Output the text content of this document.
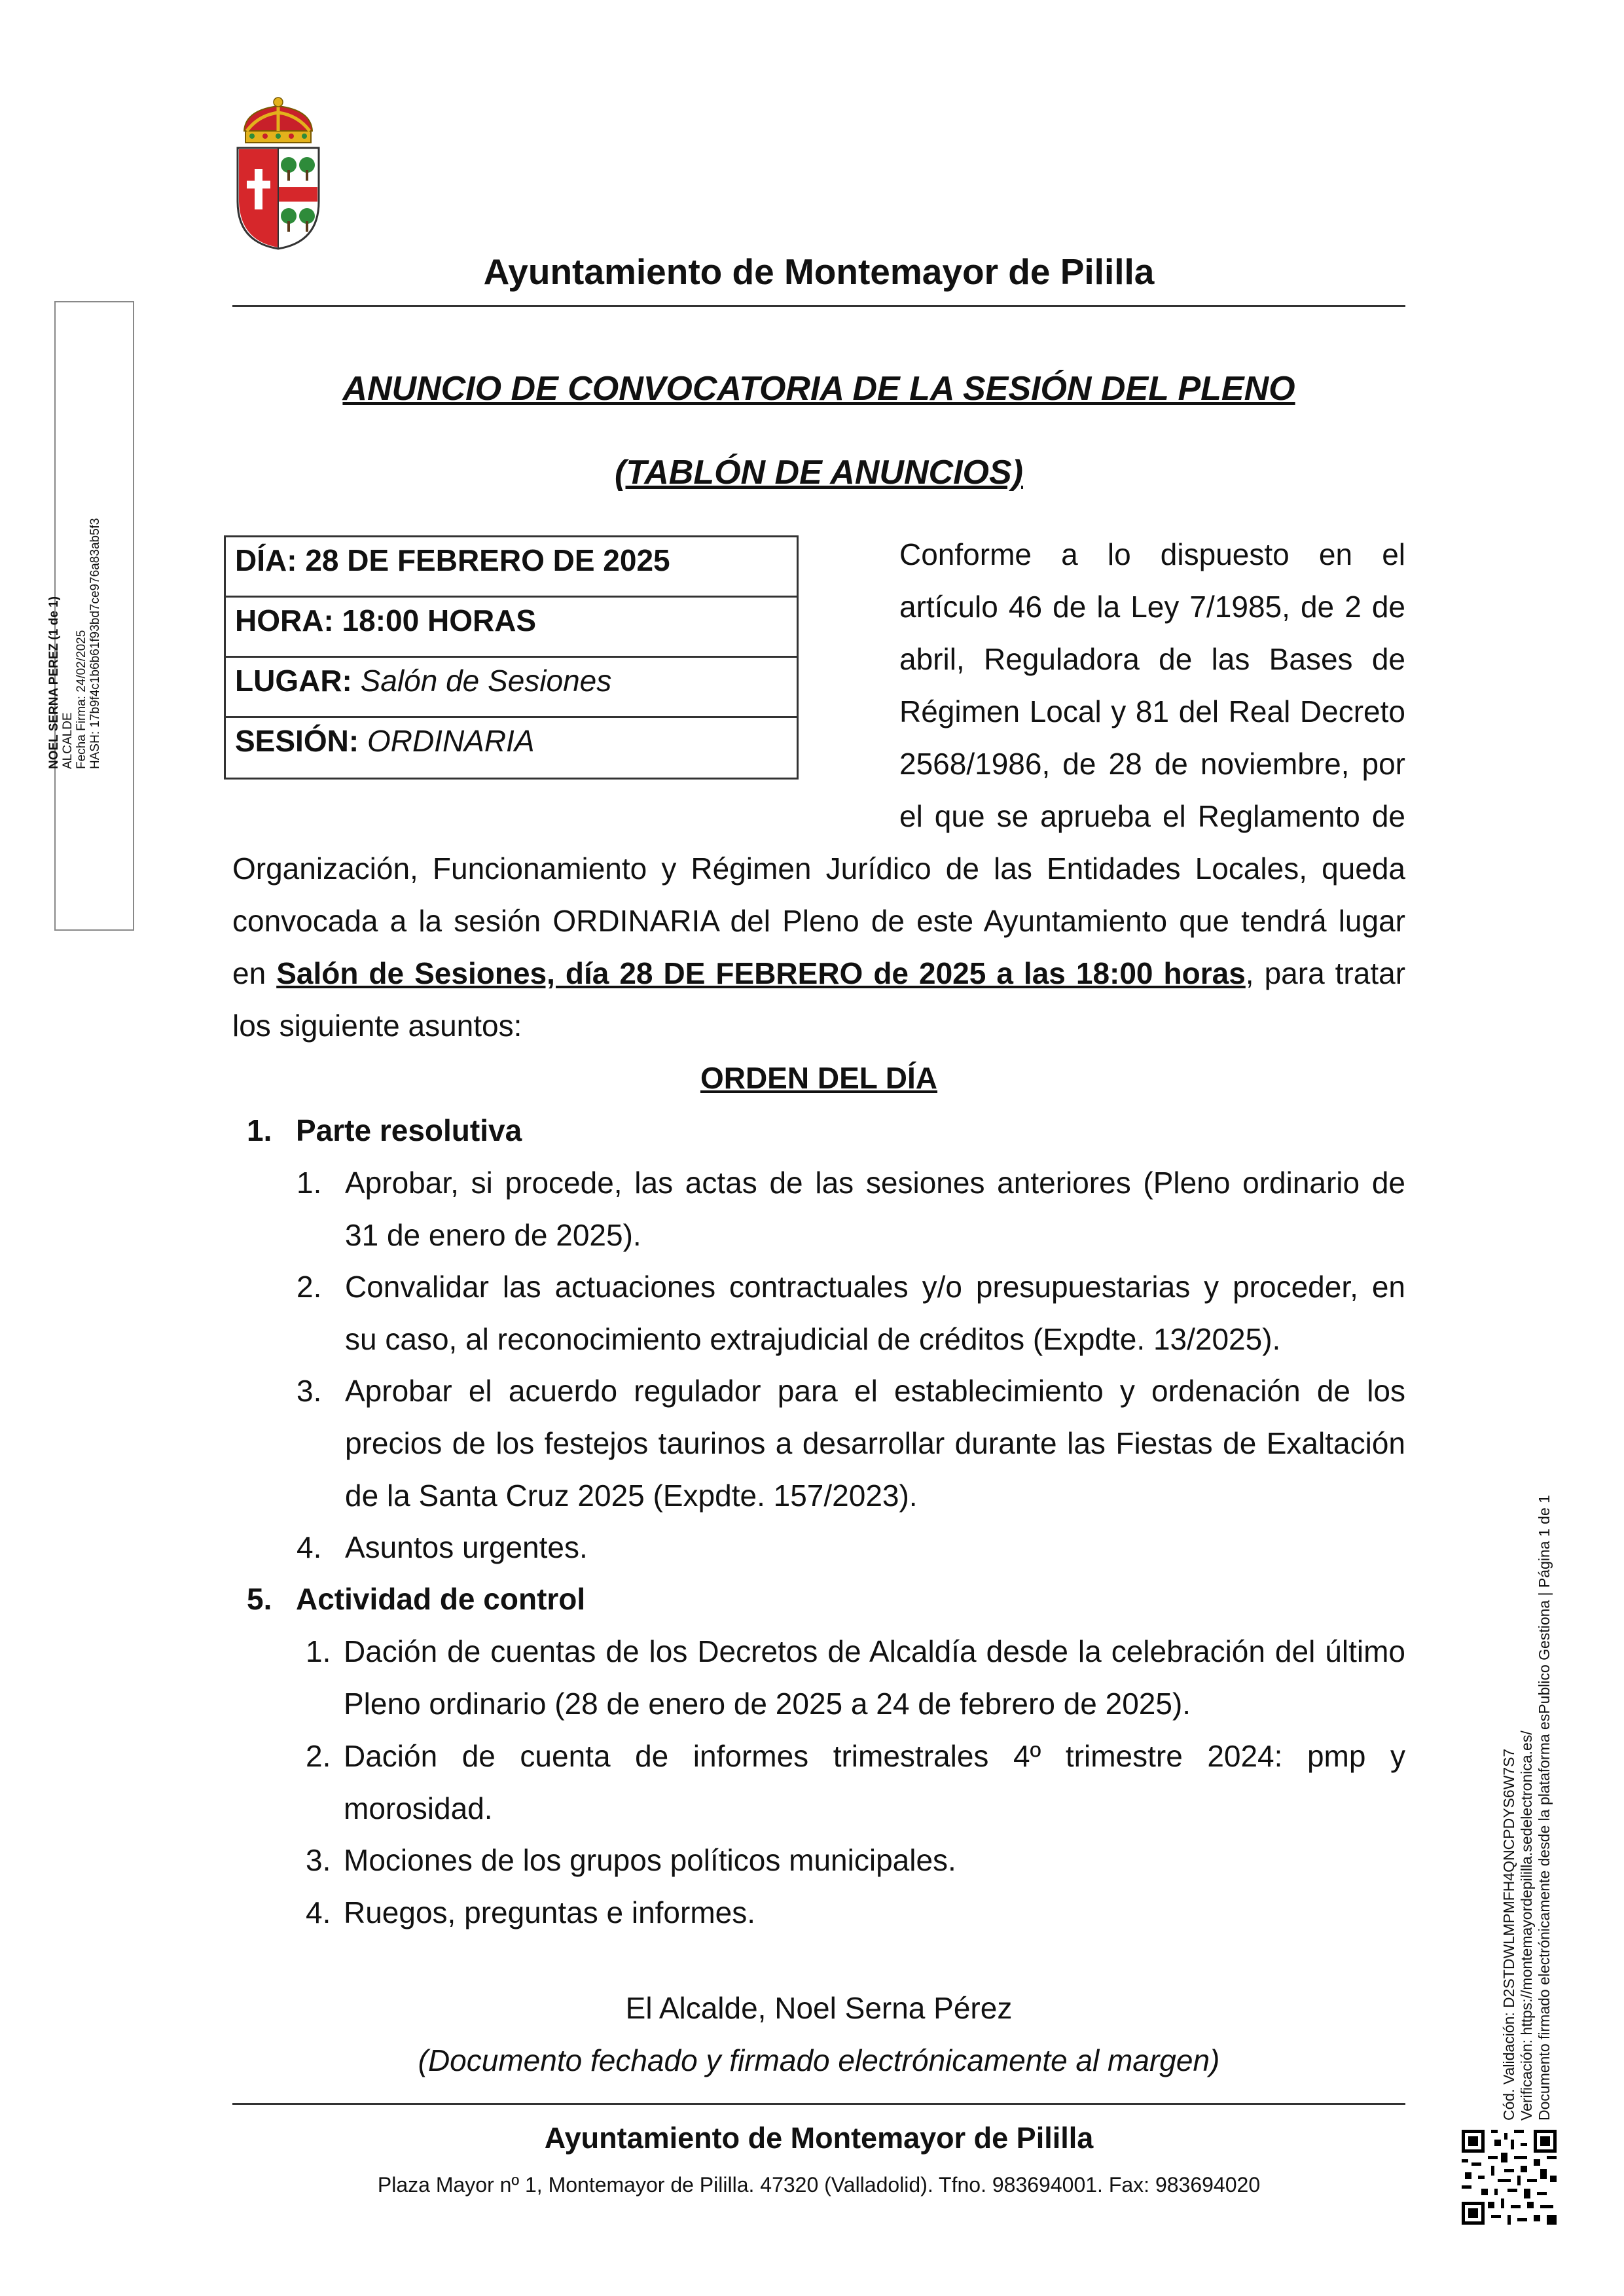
Ayuntamiento de Montemayor de Pililla
ANUNCIO DE CONVOCATORIA DE LA SESIÓN DEL PLENO
(TABLÓN DE ANUNCIOS)
DÍA: 28 DE FEBRERO DE 2025
HORA: 18:00 HORAS
LUGAR: Salón de Sesiones
SESIÓN: ORDINARIA
Conforme a lo dispuesto en el
artículo 46 de la Ley 7/1985, de 2 de
abril, Reguladora de las Bases de
Régimen Local y 81 del Real Decreto
2568/1986, de 28 de noviembre, por
el que se aprueba el Reglamento de
Organización, Funcionamiento y Régimen Jurídico de las Entidades Locales, queda
convocada a la sesión ORDINARIA del Pleno de este Ayuntamiento que tendrá lugar
en Salón de Sesiones, día 28 DE FEBRERO de 2025 a las 18:00 horas, para tratar
los siguiente asuntos:
ORDEN DEL DÍA
1. Parte resolutiva
1. Aprobar, si procede, las actas de las sesiones anteriores (Pleno ordinario de
31 de enero de 2025).
2. Convalidar las actuaciones contractuales y/o presupuestarias y proceder, en
su caso, al reconocimiento extrajudicial de créditos (Expdte. 13/2025).
3. Aprobar el acuerdo regulador para el establecimiento y ordenación de los
precios de los festejos taurinos a desarrollar durante las Fiestas de Exaltación
de la Santa Cruz 2025 (Expdte. 157/2023).
4. Asuntos urgentes.
5. Actividad de control
1. Dación de cuentas de los Decretos de Alcaldía desde la celebración del último
Pleno ordinario (28 de enero de 2025 a 24 de febrero de 2025).
2. Dación de cuenta de informes trimestrales 4º trimestre 2024: pmp y
morosidad.
3. Mociones de los grupos políticos municipales.
4. Ruegos, preguntas e informes.
El Alcalde, Noel Serna Pérez
(Documento fechado y firmado electrónicamente al margen)
Ayuntamiento de Montemayor de Pililla
Plaza Mayor nº 1, Montemayor de Pililla. 47320 (Valladolid). Tfno. 983694001. Fax: 983694020
NOEL SERNA PEREZ (1 de 1) ALCALDE Fecha Firma: 24/02/2025 HASH: 17b9f4c1b6b61f93bd7ce976a83ab5f3
Cód. Validación: D2STDWLMPMFH4QNCPDYS6W7S7 Verificación: https://montemayordepililla.sedelectronica.es/ Documento firmado electrónicamente desde la plataforma esPublico Gestiona | Página 1 de 1
